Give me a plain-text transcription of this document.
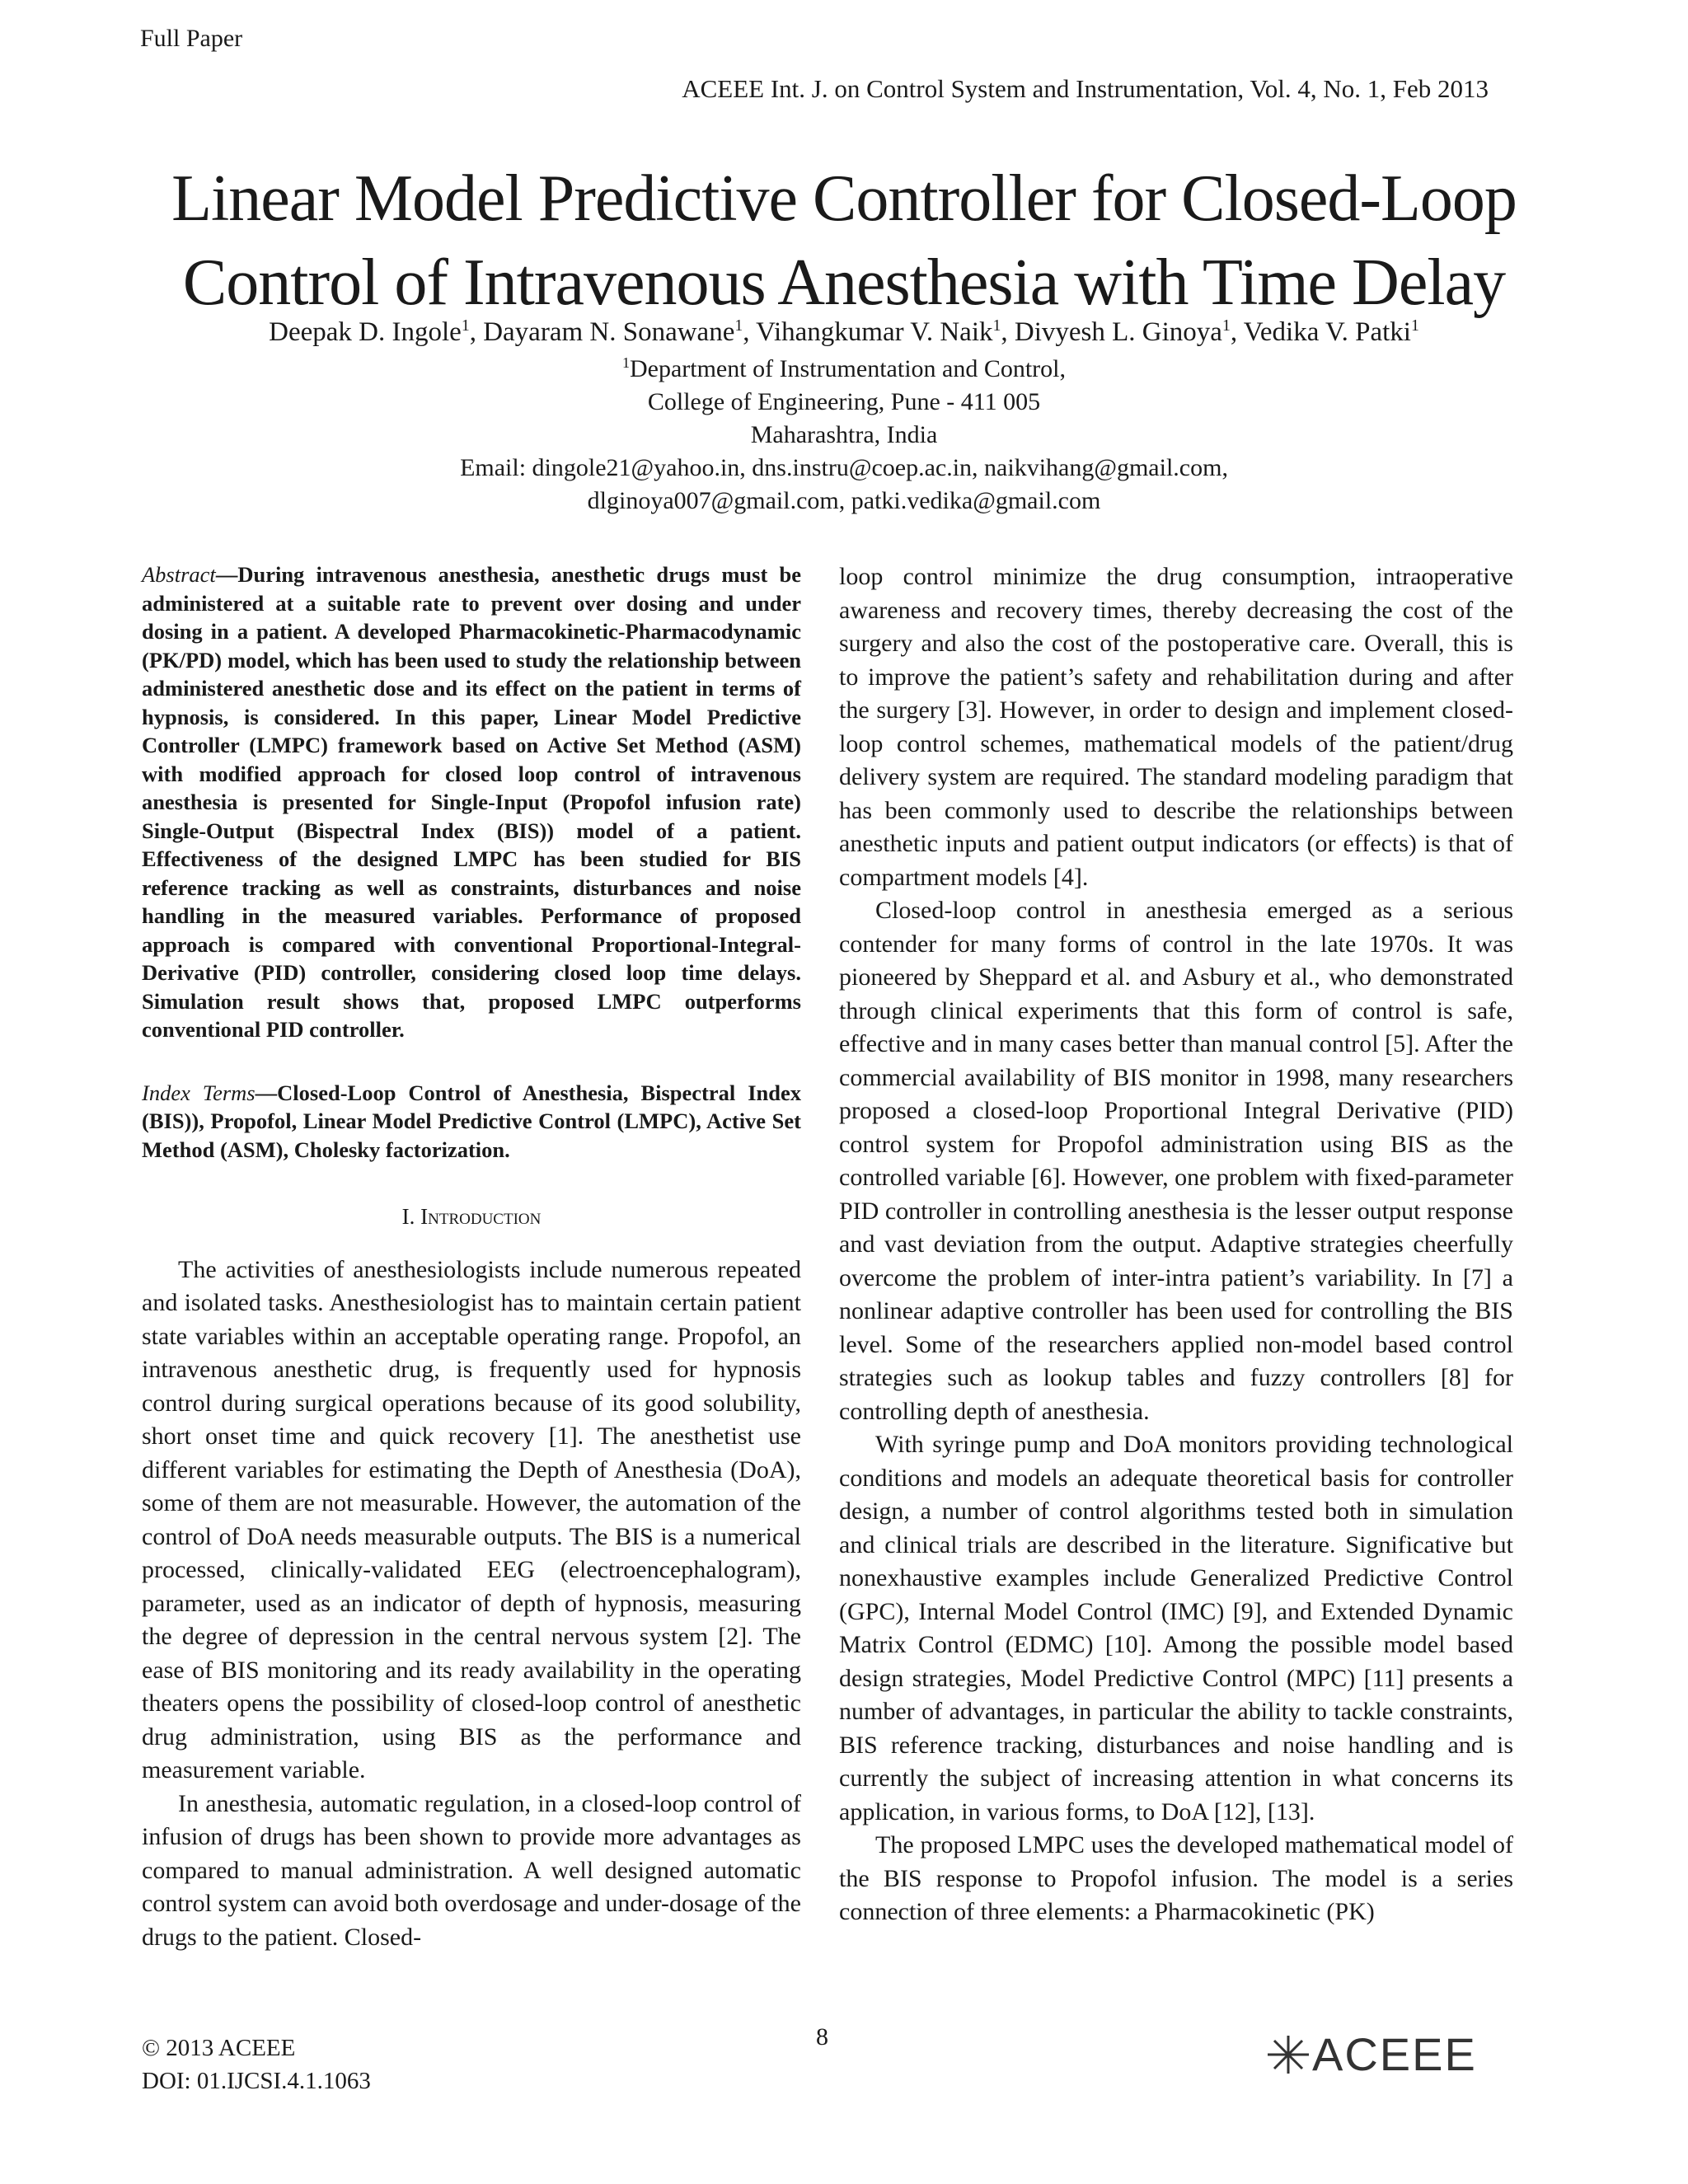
Full Paper
ACEEE Int. J. on Control System and Instrumentation, Vol. 4, No. 1, Feb 2013
Linear Model Predictive Controller for Closed-Loop
Control of Intravenous Anesthesia with Time Delay
Deepak D. Ingole$^1$, Dayaram N. Sonawane$^1$, Vihangkumar V. Naik$^1$, Divyesh L. Ginoya$^1$, Vedika V. Patki$^1$
$^1$Department of Instrumentation and Control,
College of Engineering, Pune - 411 005
Maharashtra, India
Email: dingole21@yahoo.in, dns.instru@coep.ac.in, naikvihang@gmail.com,
dlginoya007@gmail.com, patki.vedika@gmail.com

Abstract—During intravenous anesthesia, anesthetic drugs must be administered at a suitable rate to prevent over dosing and under dosing in a patient. A developed Pharmacokinetic-Pharmacodynamic (PK/PD) model, which has been used to study the relationship between administered anesthetic dose and its effect on the patient in terms of hypnosis, is considered. In this paper, Linear Model Predictive Controller (LMPC) framework based on Active Set Method (ASM) with modified approach for closed loop control of intravenous anesthesia is presented for Single-Input (Propofol infusion rate) Single-Output (Bispectral Index (BIS)) model of a patient. Effectiveness of the designed LMPC has been studied for BIS reference tracking as well as constraints, disturbances and noise handling in the measured variables. Performance of proposed approach is compared with conventional Proportional-Integral-Derivative (PID) controller, considering closed loop time delays. Simulation result shows that, proposed LMPC outperforms conventional PID controller.

Index Terms—Closed-Loop Control of Anesthesia, Bispectral Index (BIS)), Propofol, Linear Model Predictive Control (LMPC), Active Set Method (ASM), Cholesky factorization.

I. Introduction

The activities of anesthesiologists include numerous repeated and isolated tasks. Anesthesiologist has to maintain certain patient state variables within an acceptable operating range. Propofol, an intravenous anesthetic drug, is frequently used for hypnosis control during surgical operations because of its good solubility, short onset time and quick recovery [1]. The anesthetist use different variables for estimating the Depth of Anesthesia (DoA), some of them are not measurable. However, the automation of the control of DoA needs measurable outputs. The BIS is a numerical processed, clinically-validated EEG (electroencephalogram), parameter, used as an indicator of depth of hypnosis, measuring the degree of depression in the central nervous system [2]. The ease of BIS monitoring and its ready availability in the operating theaters opens the possibility of closed-loop control of anesthetic drug administration, using BIS as the performance and measurement variable.

In anesthesia, automatic regulation, in a closed-loop control of infusion of drugs has been shown to provide more advantages as compared to manual administration. A well designed automatic control system can avoid both overdosage and under-dosage of the drugs to the patient. Closed-

loop control minimize the drug consumption, intraoperative awareness and recovery times, thereby decreasing the cost of the surgery and also the cost of the postoperative care. Overall, this is to improve the patient’s safety and rehabilitation during and after the surgery [3]. However, in order to design and implement closed-loop control schemes, mathematical models of the patient/drug delivery system are required. The standard modeling paradigm that has been commonly used to describe the relationships between anesthetic inputs and patient output indicators (or effects) is that of compartment models [4].

Closed-loop control in anesthesia emerged as a serious contender for many forms of control in the late 1970s. It was pioneered by Sheppard et al. and Asbury et al., who demonstrated through clinical experiments that this form of control is safe, effective and in many cases better than manual control [5]. After the commercial availability of BIS monitor in 1998, many researchers proposed a closed-loop Proportional Integral Derivative (PID) control system for Propofol administration using BIS as the controlled variable [6]. However, one problem with fixed-parameter PID controller in controlling anesthesia is the lesser output response and vast deviation from the output. Adaptive strategies cheerfully overcome the problem of inter-intra patient’s variability. In [7] a nonlinear adaptive controller has been used for controlling the BIS level. Some of the researchers applied non-model based control strategies such as lookup tables and fuzzy controllers [8] for controlling depth of anesthesia.

With syringe pump and DoA monitors providing technological conditions and models an adequate theoretical basis for controller design, a number of control algorithms tested both in simulation and clinical trials are described in the literature. Significative but nonexhaustive examples include Generalized Predictive Control (GPC), Internal Model Control (IMC) [9], and Extended Dynamic Matrix Control (EDMC) [10]. Among the possible model based design strategies, Model Predictive Control (MPC) [11] presents a number of advantages, in particular the ability to tackle constraints, BIS reference tracking, disturbances and noise handling and is currently the subject of increasing attention in what concerns its application, in various forms, to DoA [12], [13].

The proposed LMPC uses the developed mathematical model of the BIS response to Propofol infusion. The model is a series connection of three elements: a Pharmacokinetic (PK)

© 2013 ACEEE
DOI: 01.IJCSI.4.1.1063
8	ACEEE
